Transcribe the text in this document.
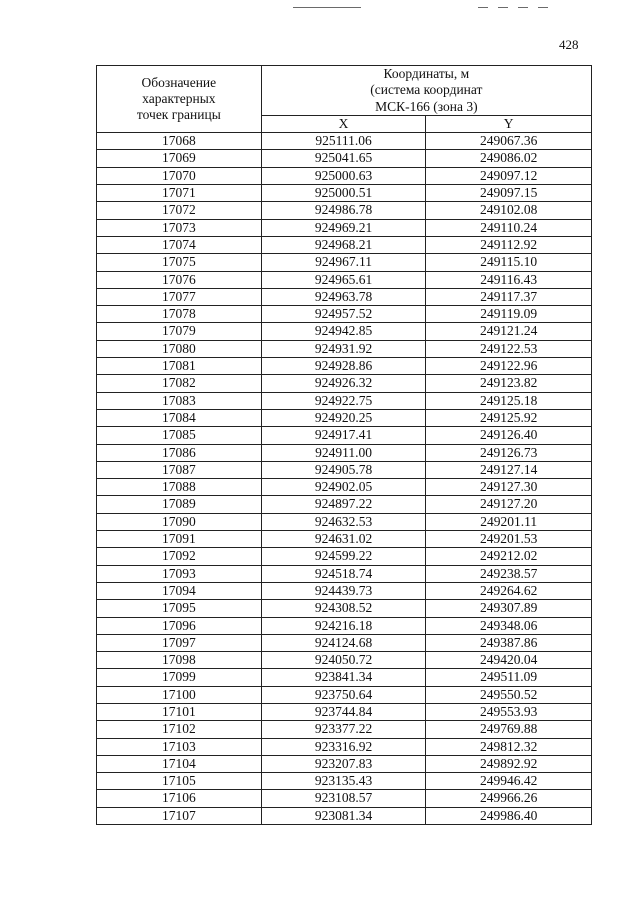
428
Обозначение
характерных
точек границы	Координаты, м
(система координат
МСК-166 (зона 3)	

	X	Y
17068	925111.06	249067.36
17069	925041.65	249086.02
17070	925000.63	249097.12
17071	925000.51	249097.15
17072	924986.78	249102.08
17073	924969.21	249110.24
17074	924968.21	249112.92
17075	924967.11	249115.10
17076	924965.61	249116.43
17077	924963.78	249117.37
17078	924957.52	249119.09
17079	924942.85	249121.24
17080	924931.92	249122.53
17081	924928.86	249122.96
17082	924926.32	249123.82
17083	924922.75	249125.18
17084	924920.25	249125.92
17085	924917.41	249126.40
17086	924911.00	249126.73
17087	924905.78	249127.14
17088	924902.05	249127.30
17089	924897.22	249127.20
17090	924632.53	249201.11
17091	924631.02	249201.53
17092	924599.22	249212.02
17093	924518.74	249238.57
17094	924439.73	249264.62
17095	924308.52	249307.89
17096	924216.18	249348.06
17097	924124.68	249387.86
17098	924050.72	249420.04
17099	923841.34	249511.09
17100	923750.64	249550.52
17101	923744.84	249553.93
17102	923377.22	249769.88
17103	923316.92	249812.32
17104	923207.83	249892.92
17105	923135.43	249946.42
17106	923108.57	249966.26
17107	923081.34	249986.40
